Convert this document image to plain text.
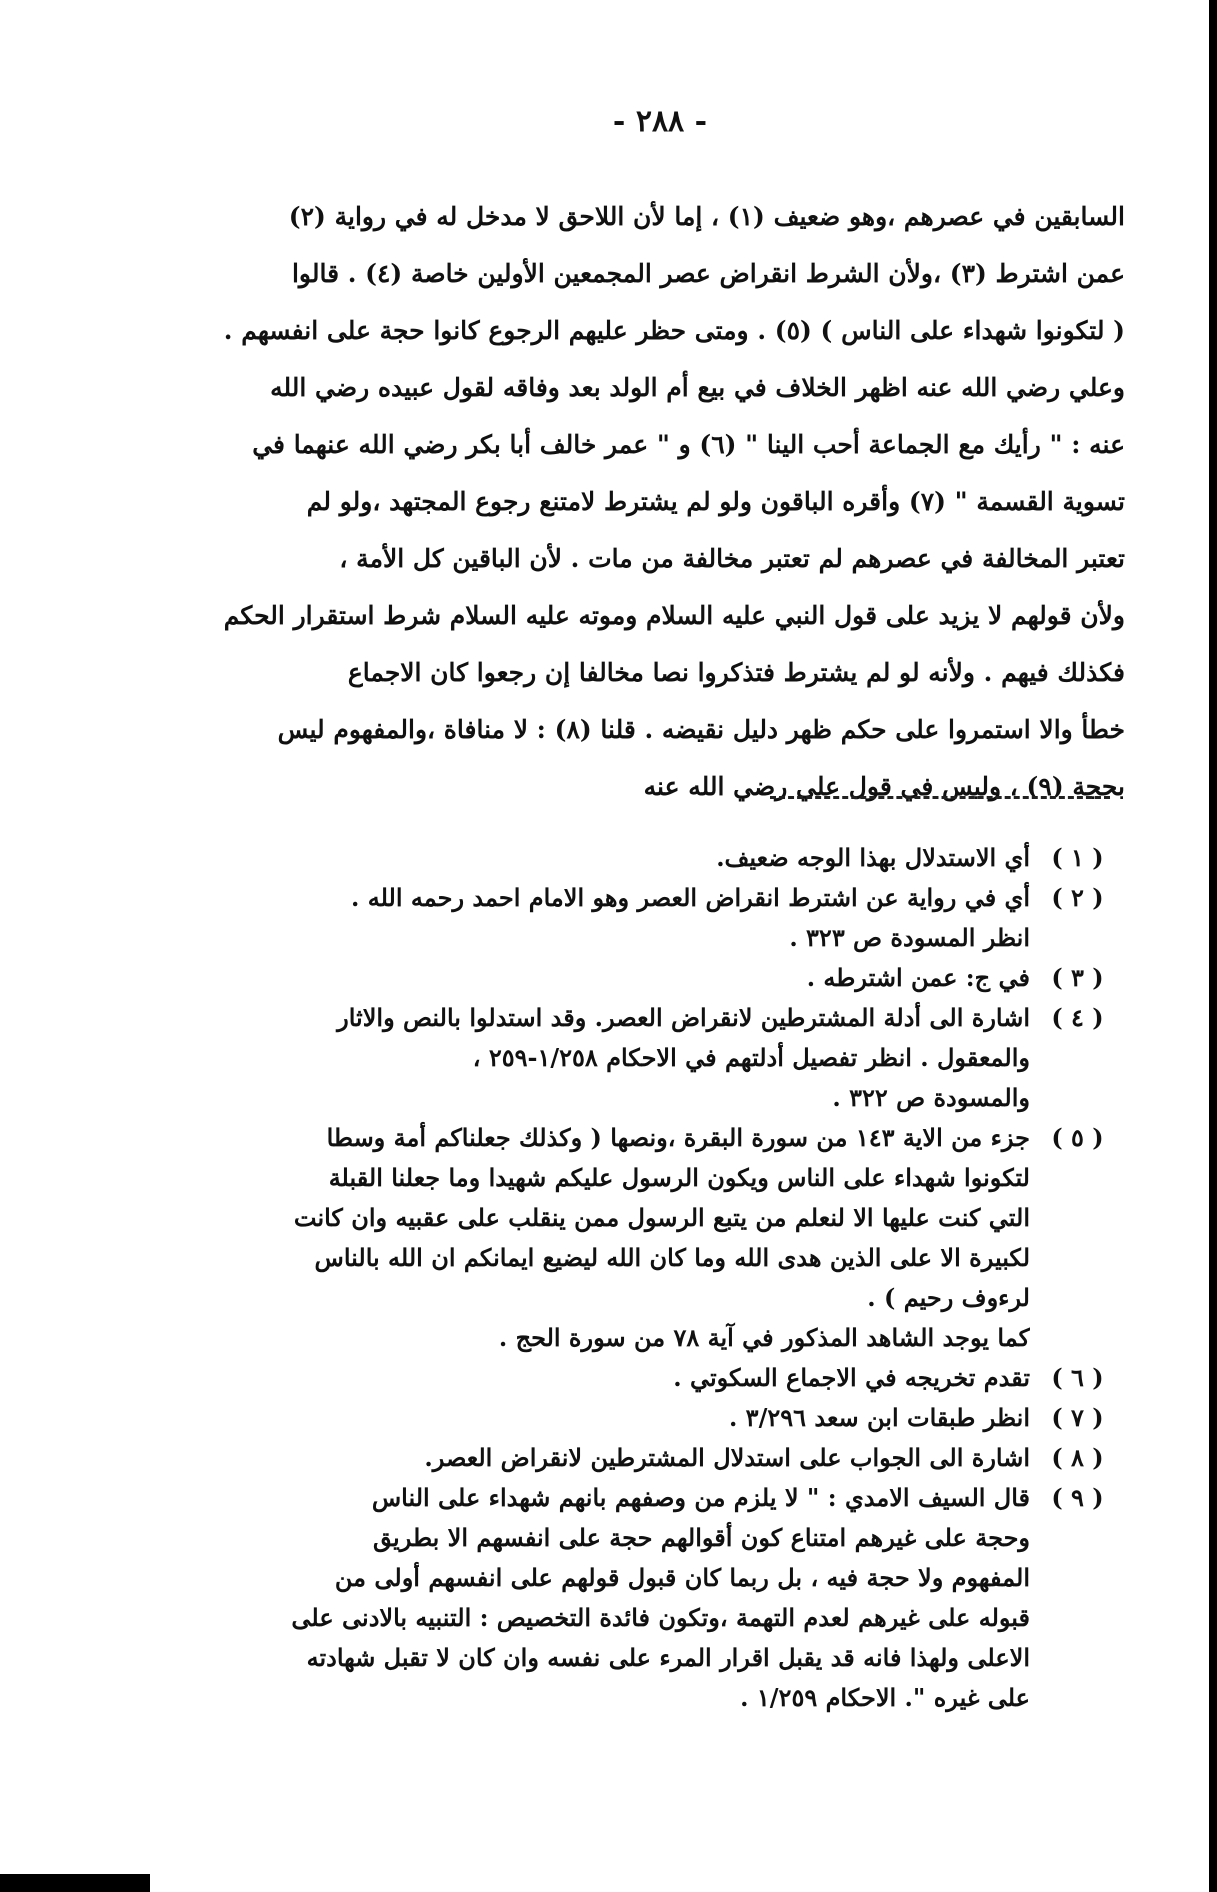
- ٢٨٨ -
السابقين في عصرهم ،وهو ضعيف (١) ، إما لأن اللاحق لا مدخل له في رواية (٢)
عمن اشترط (٣) ،ولأن الشرط انقراض عصر المجمعين الأولين خاصة (٤) . قالوا
( لتكونوا شهداء على الناس ) (٥) . ومتى حظر عليهم الرجوع كانوا حجة على انفسهم .
وعلي رضي الله عنه اظهر الخلاف في بيع أم الولد بعد وفاقه لقول عبيده رضي الله
عنه : " رأيك مع الجماعة أحب الينا " (٦) و " عمر خالف أبا بكر رضي الله عنهما في
تسوية القسمة " (٧) وأقره الباقون ولو لم يشترط لامتنع رجوع المجتهد ،ولو لم
تعتبر المخالفة في عصرهم لم تعتبر مخالفة من مات . لأن الباقين كل الأمة ،
ولأن قولهم لا يزيد على قول النبي عليه السلام وموته عليه السلام شرط استقرار الحكم
فكذلك فيهم . ولأنه لو لم يشترط فتذكروا نصا مخالفا إن رجعوا كان الاجماع
خطأ والا استمروا على حكم ظهر دليل نقيضه . قلنا (٨) : لا منافاة ،والمفهوم ليس
بحجة (٩) ، وليس في قول علي رضي الله عنه
( ١ )
أي الاستدلال بهذا الوجه ضعيف.
( ٢ )
أي في رواية عن اشترط انقراض العصر وهو الامام احمد رحمه الله .
انظر المسودة ص ٣٢٣ .
( ٣ )
في ج: عمن اشترطه .
( ٤ )
اشارة الى أدلة المشترطين لانقراض العصر. وقد استدلوا بالنص والاثار
والمعقول . انظر تفصيل أدلتهم في الاحكام ١/٢٥٨-٢٥٩ ،
والمسودة ص ٣٢٢ .
( ٥ )
جزء من الاية ١٤٣ من سورة البقرة ،ونصها ( وكذلك جعلناكم أمة وسطا
لتكونوا شهداء على الناس ويكون الرسول عليكم شهيدا وما جعلنا القبلة
التي كنت عليها الا لنعلم من يتبع الرسول ممن ينقلب على عقبيه وان كانت
لكبيرة الا على الذين هدى الله وما كان الله ليضيع ايمانكم ان الله بالناس
لرءوف رحيم ) .
كما يوجد الشاهد المذكور في آية ٧٨ من سورة الحج .
( ٦ )
تقدم تخريجه في الاجماع السكوتي .
( ٧ )
انظر طبقات ابن سعد ٣/٢٩٦ .
( ٨ )
اشارة الى الجواب على استدلال المشترطين لانقراض العصر.
( ٩ )
قال السيف الامدي : " لا يلزم من وصفهم بانهم شهداء على الناس
وحجة على غيرهم امتناع كون أقوالهم حجة على انفسهم الا بطريق
المفهوم ولا حجة فيه ، بل ربما كان قبول قولهم على انفسهم أولى من
قبوله على غيرهم لعدم التهمة ،وتكون فائدة التخصيص : التنبيه بالادنى على
الاعلى ولهذا فانه قد يقبل اقرار المرء على نفسه وان كان لا تقبل شهادته
على غيره ". الاحكام ١/٢٥٩ .
